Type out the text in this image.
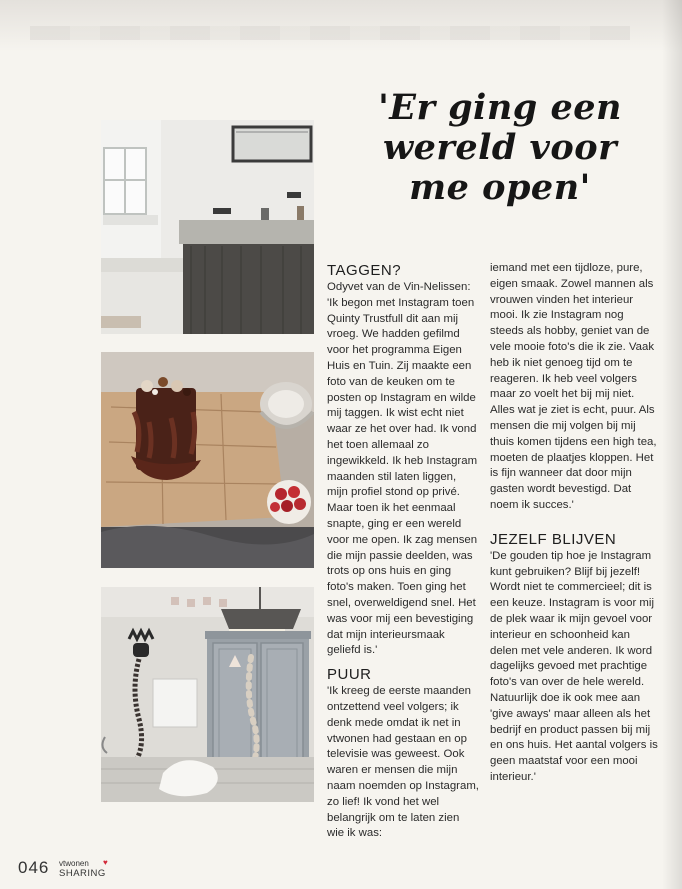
'Er ging een
wereld voor
me open'
TAGGEN?

Odyvet van de Vin-Nelissen: 'Ik begon met Instagram toen Quinty Trustfull dit aan mij vroeg. We hadden gefilmd voor het programma Eigen Huis en Tuin. Zij maakte een foto van de keuken om te posten op Instagram en wilde mij taggen. Ik wist echt niet waar ze het over had. Ik vond het toen allemaal zo ingewikkeld. Ik heb Instagram maanden stil laten liggen, mijn profiel stond op privé. Maar toen ik het eenmaal snapte, ging er een wereld voor me open. Ik zag mensen die mijn passie deelden, was trots op ons huis en ging foto's maken. Toen ging het snel, overweldigend snel. Het was voor mij een bevestiging dat mijn interieursmaak geliefd is.'

PUUR

'Ik kreeg de eerste maanden ontzettend veel volgers; ik denk mede omdat ik net in vtwonen had gestaan en op televisie was geweest. Ook waren er mensen die mijn naam noemden op Instagram, zo lief! Ik vond het wel belangrijk om te laten zien wie ik was:

iemand met een tijdloze, pure, eigen smaak. Zowel mannen als vrouwen vinden het interieur mooi. Ik zie Instagram nog steeds als hobby, geniet van de vele mooie foto's die ik zie. Vaak heb ik niet genoeg tijd om te reageren. Ik heb veel volgers maar zo voelt het bij mij niet. Alles wat je ziet is echt, puur. Als mensen die mij volgen bij mij thuis komen tijdens een high tea, moeten de plaatjes kloppen. Het is fijn wanneer dat door mijn gasten wordt bevestigd. Dat noem ik succes.'

JEZELF BLIJVEN

'De gouden tip hoe je Instagram kunt gebruiken? Blijf bij jezelf! Wordt niet te commercieel; dit is een keuze. Instagram is voor mij de plek waar ik mijn gevoel voor interieur en schoonheid kan delen met vele anderen. Ik word dagelijks gevoed met prachtige foto's van over de hele wereld. Natuurlijk doe ik ook mee aan 'give aways' maar alleen als het bedrijf en product passen bij mij en ons huis. Het aantal volgers is geen maatstaf voor een mooi interieur.'

046 vtwonen ♥
SHARING
